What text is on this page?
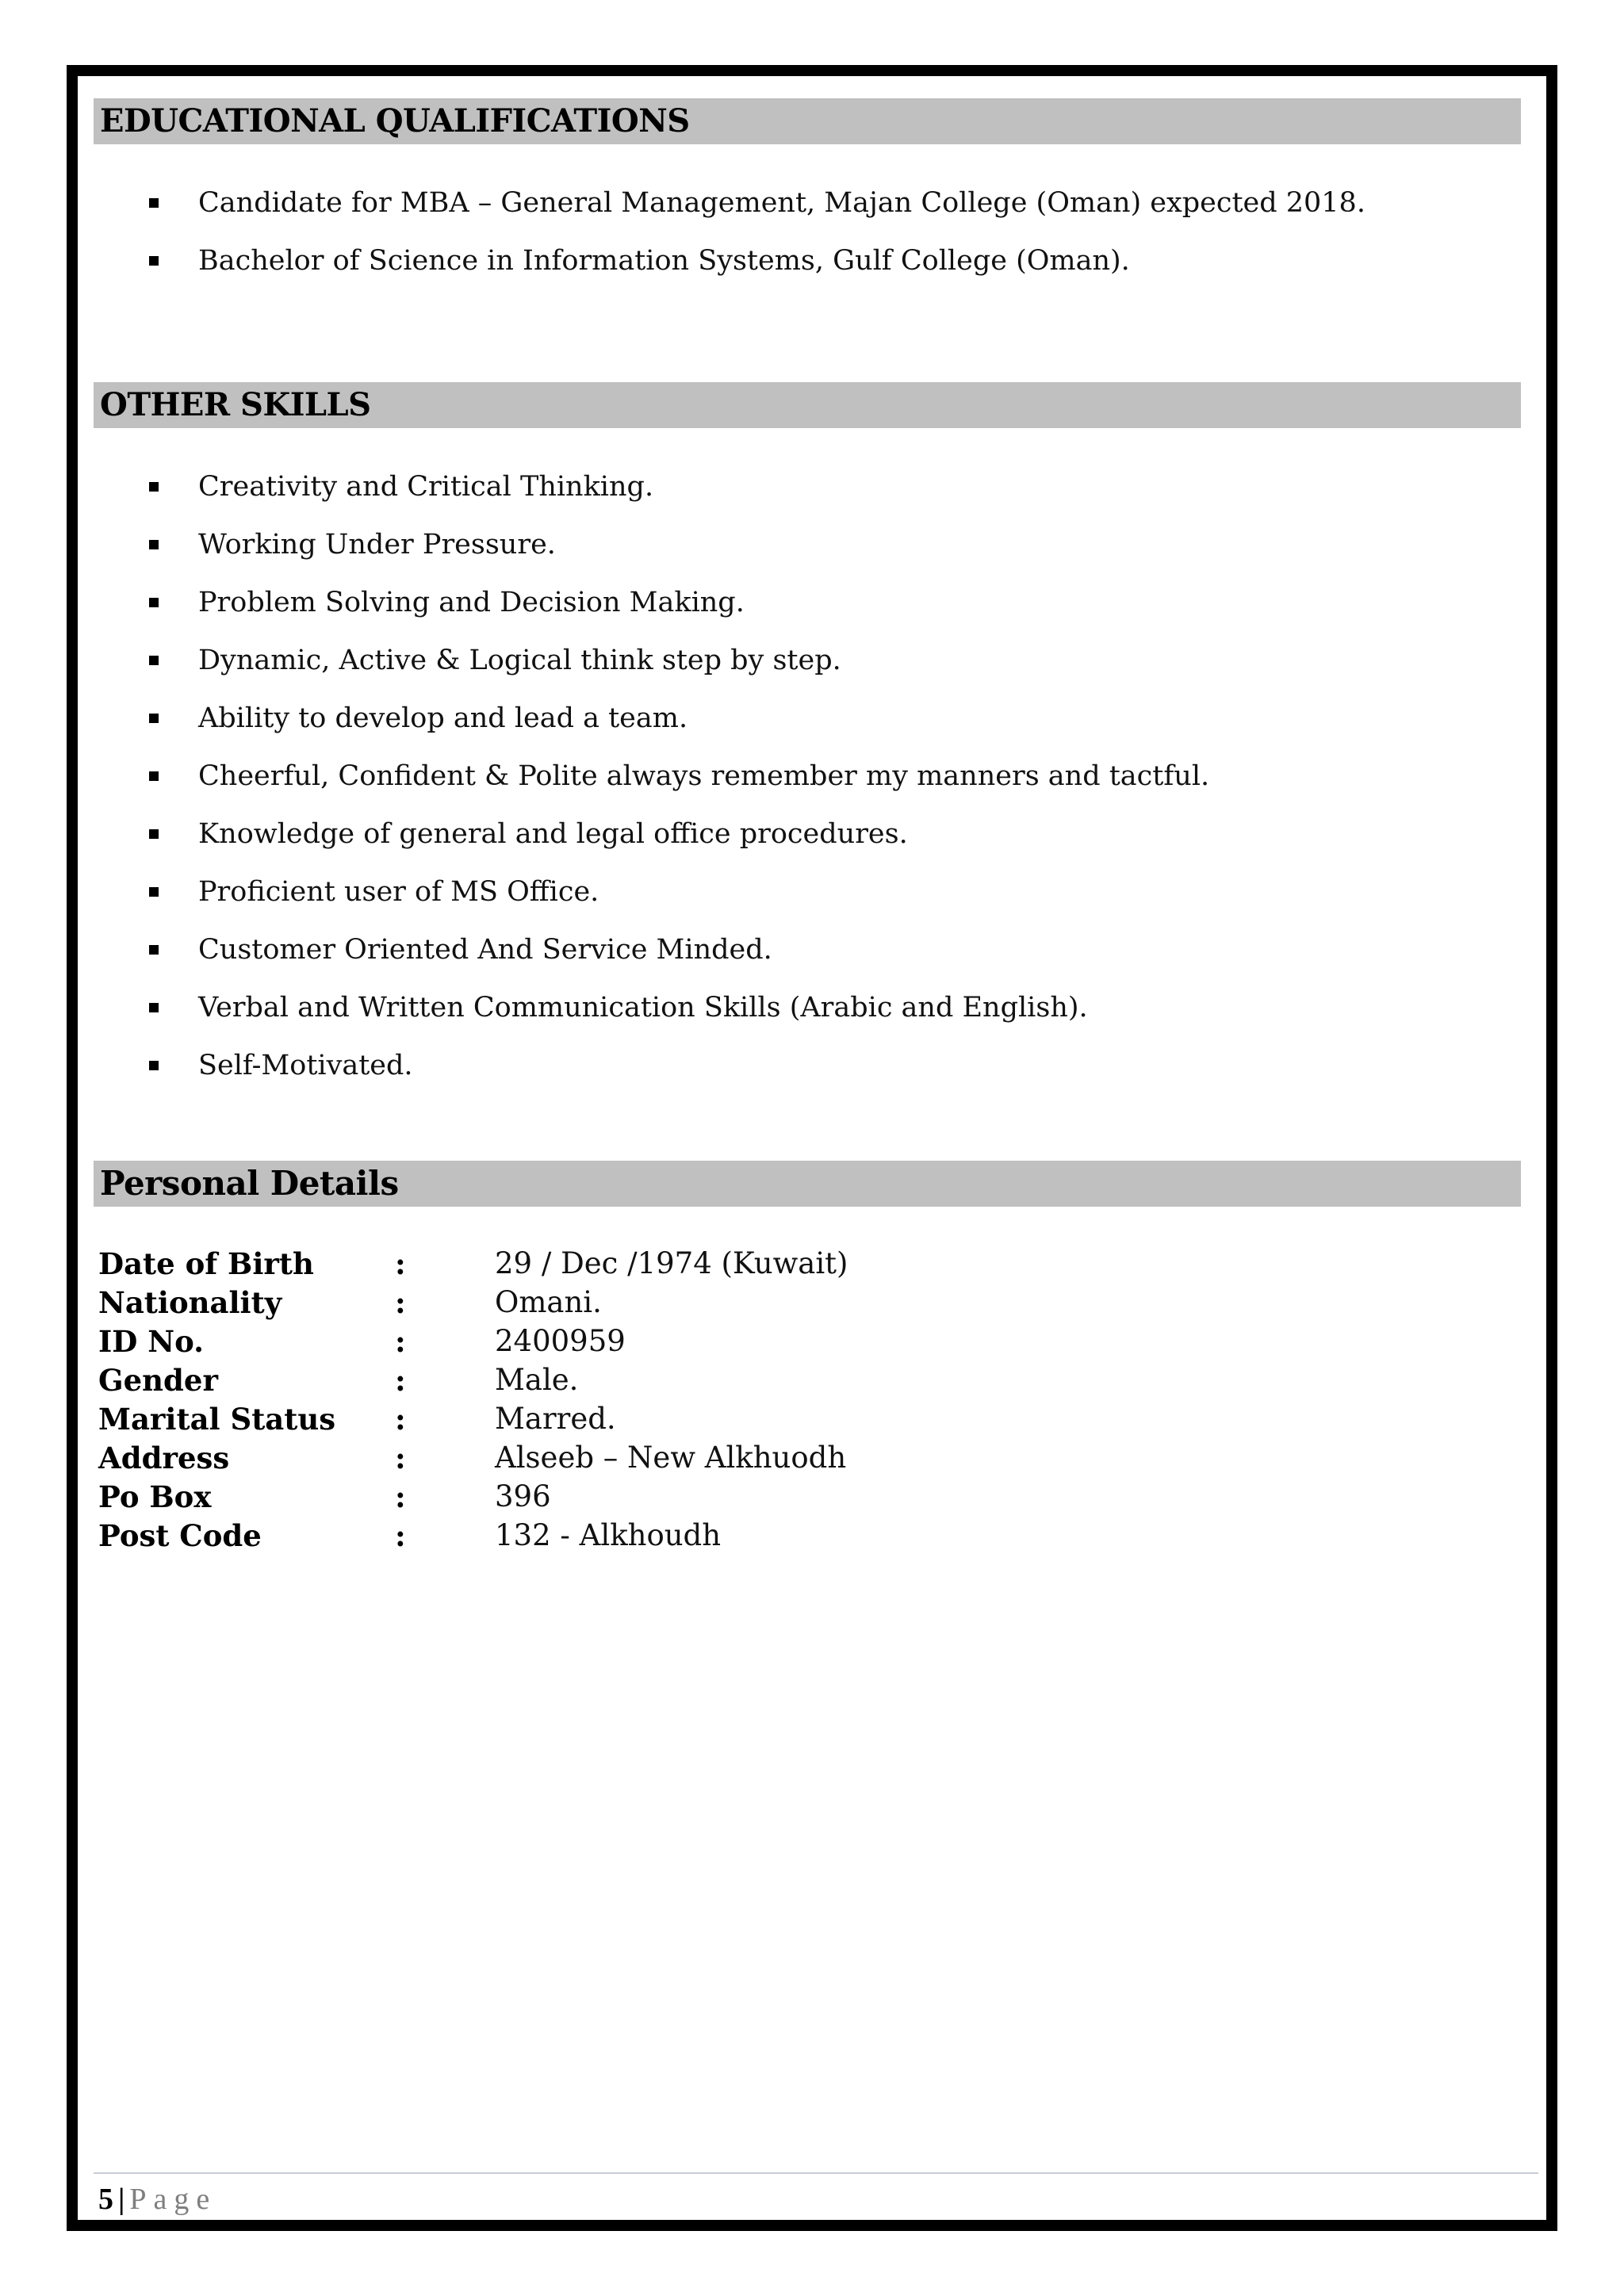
EDUCATIONAL QUALIFICATIONS
Candidate for MBA – General Management, Majan College (Oman) expected 2018.
Bachelor of Science in Information Systems, Gulf College (Oman).
OTHER SKILLS
Creativity and Critical Thinking.
Working Under Pressure.
Problem Solving and Decision Making.
Dynamic, Active & Logical think step by step.
Ability to develop and lead a team.
Cheerful, Confident & Polite always remember my manners and tactful.
Knowledge of general and legal office procedures.
Proficient user of MS Office.
Customer Oriented And Service Minded.
Verbal and Written Communication Skills (Arabic and English).
Self-Motivated.
Personal Details
Date of Birth	:	29 / Dec /1974 (Kuwait)
Nationality	:	Omani.
ID No.	:	2400959
Gender	:	Male.
Marital Status :	Marred.
Address	:	Alseeb – New Alkhuodh
Po Box	:	396
Post Code	:	132 - Alkhoudh
5 | Page
